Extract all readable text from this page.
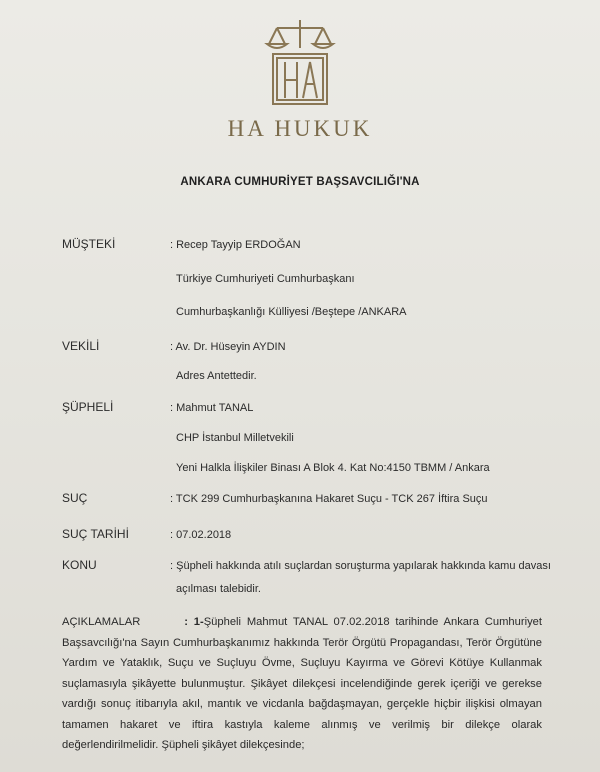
HA HUKUK
ANKARA CUMHURİYET BAŞSAVCILIĞI'NA
MÜŞTEKİ	: Recep Tayyip ERDOĞAN
Türkiye Cumhuriyeti Cumhurbaşkanı
Cumhurbaşkanlığı Külliyesi /Beştepe /ANKARA
VEKİLİ	: Av. Dr. Hüseyin AYDIN
Adres Antettedir.
ŞÜPHELİ	: Mahmut TANAL
CHP İstanbul Milletvekili
Yeni Halkla İlişkiler Binası A Blok 4. Kat No:4150 TBMM / Ankara
SUÇ	: TCK 299 Cumhurbaşkanına Hakaret Suçu - TCK 267 İftira Suçu
SUÇ TARİHİ	: 07.02.2018
KONU	: Şüpheli hakkında atılı suçlardan soruşturma yapılarak hakkında kamu davası
açılması talebidir.
AÇIKLAMALAR	: 1-Şüpheli Mahmut TANAL 07.02.2018 tarihinde Ankara Cumhuriyet Başsavcılığı'na Sayın Cumhurbaşkanımız hakkında Terör Örgütü Propagandası, Terör Örgütüne Yardım ve Yataklık, Suçu ve Suçluyu Övme, Suçluyu Kayırma ve Görevi Kötüye Kullanmak suçlamasıyla şikâyette bulunmuştur. Şikâyet dilekçesi incelendiğinde gerek içeriği ve gerekse vardığı sonuç itibarıyla akıl, mantık ve vicdanla bağdaşmayan, gerçekle hiçbir ilişkisi olmayan tamamen hakaret ve iftira kastıyla kaleme alınmış ve verilmiş bir dilekçe olarak değerlendirilmelidir. Şüpheli şikâyet dilekçesinde;
